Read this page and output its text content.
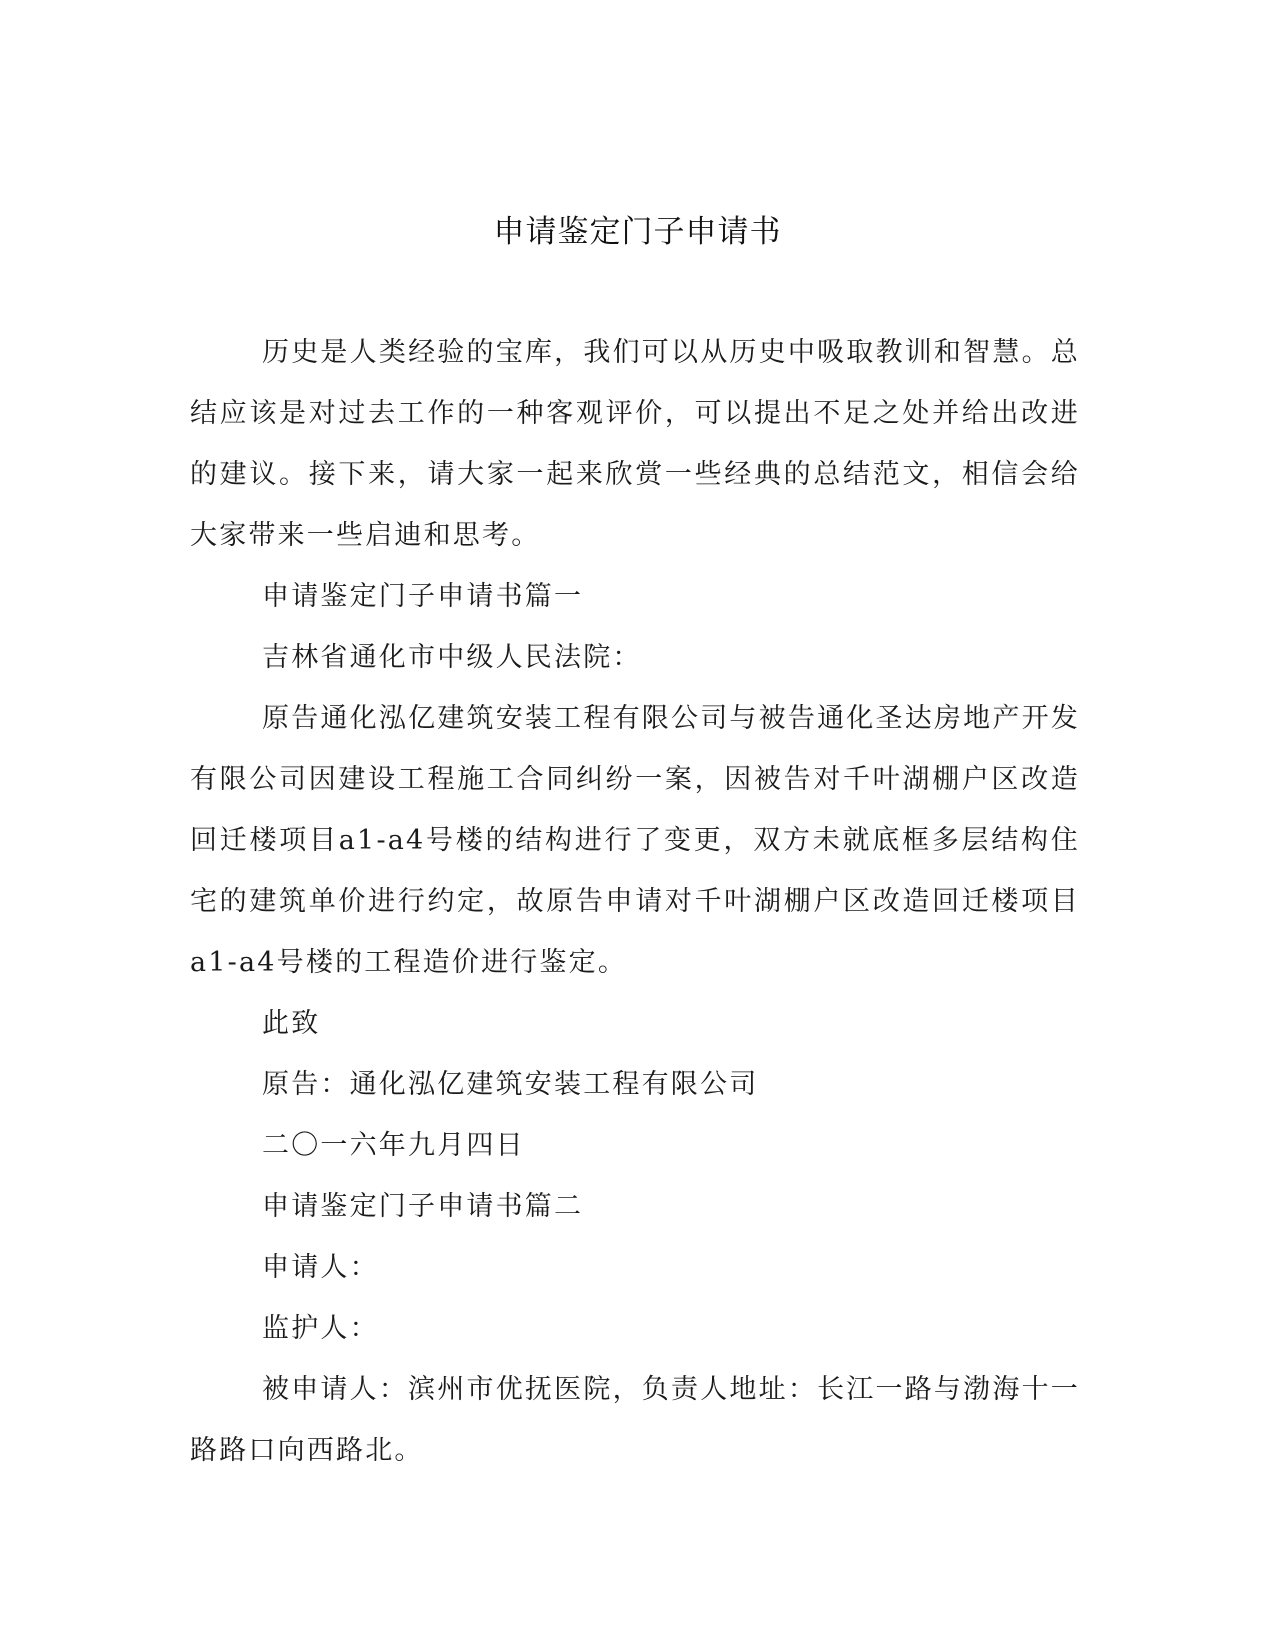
申请鉴定门子申请书

历史是人类经验的宝库，我们可以从历史中吸取教训和智慧。总结应该是对过去工作的一种客观评价，可以提出不足之处并给出改进的建议。接下来，请大家一起来欣赏一些经典的总结范文，相信会给大家带来一些启迪和思考。

申请鉴定门子申请书篇一

吉林省通化市中级人民法院：

原告通化泓亿建筑安装工程有限公司与被告通化圣达房地产开发有限公司因建设工程施工合同纠纷一案，因被告对千叶湖棚户区改造回迁楼项目a1-a4号楼的结构进行了变更，双方未就底框多层结构住宅的建筑单价进行约定，故原告申请对千叶湖棚户区改造回迁楼项目a1-a4号楼的工程造价进行鉴定。

此致

原告：通化泓亿建筑安装工程有限公司

二〇一六年九月四日

申请鉴定门子申请书篇二

申请人：

监护人：

被申请人：滨州市优抚医院，负责人地址：长江一路与渤海十一路路口向西路北。
